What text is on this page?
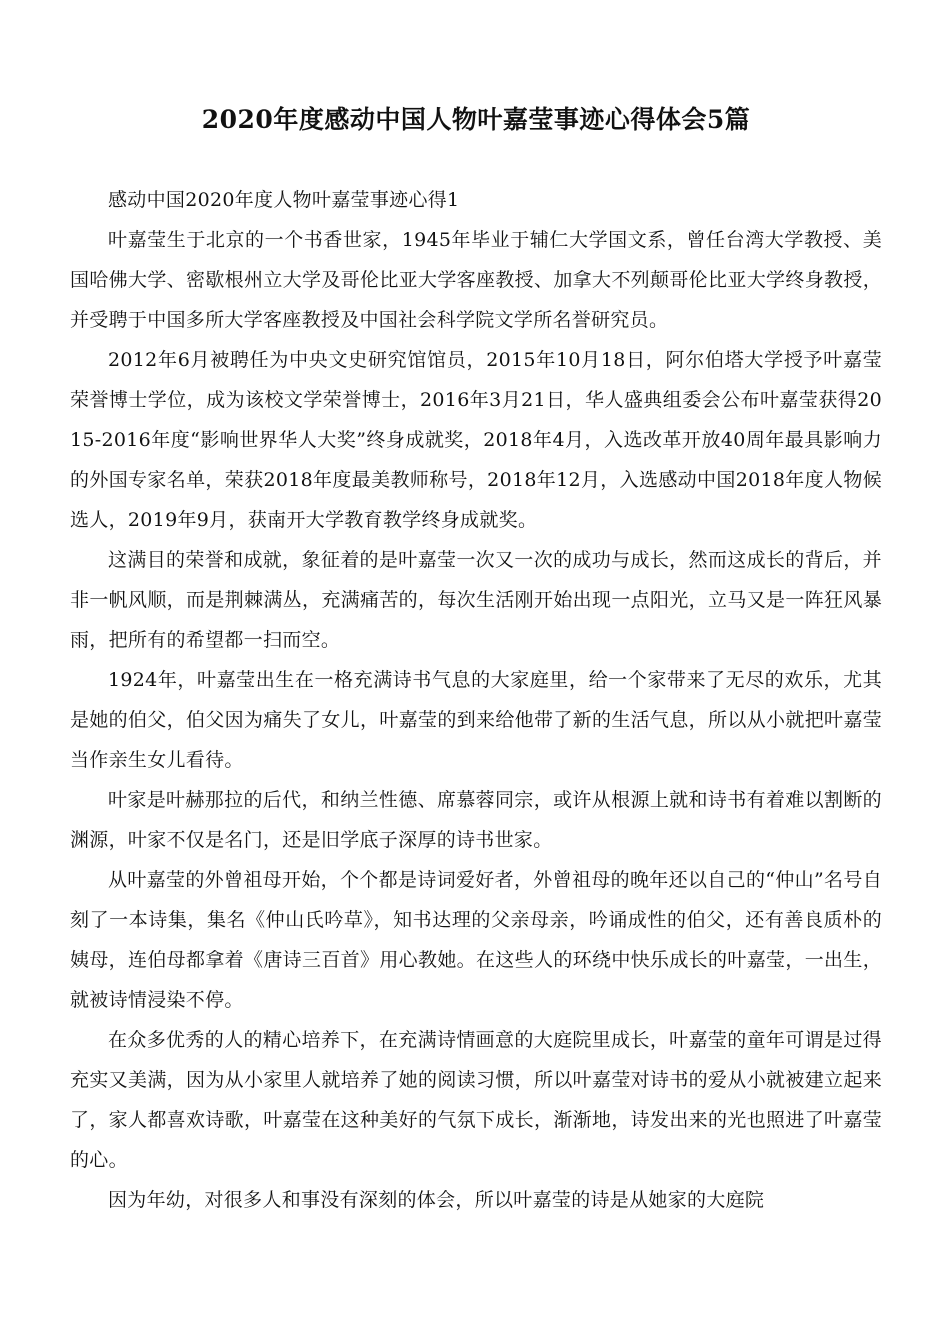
2020年度感动中国人物叶嘉莹事迹心得体会5篇

感动中国2020年度人物叶嘉莹事迹心得1

叶嘉莹生于北京的一个书香世家，1945年毕业于辅仁大学国文系，曾任台湾大学教授、美国哈佛大学、密歇根州立大学及哥伦比亚大学客座教授、加拿大不列颠哥伦比亚大学终身教授，并受聘于中国多所大学客座教授及中国社会科学院文学所名誉研究员。

2012年6月被聘任为中央文史研究馆馆员，2015年10月18日，阿尔伯塔大学授予叶嘉莹荣誉博士学位，成为该校文学荣誉博士，2016年3月21日，华人盛典组委会公布叶嘉莹获得2015-2016年度“影响世界华人大奖”终身成就奖，2018年4月，入选改革开放40周年最具影响力的外国专家名单，荣获2018年度最美教师称号，2018年12月，入选感动中国2018年度人物候选人，2019年9月，获南开大学教育教学终身成就奖。

这满目的荣誉和成就，象征着的是叶嘉莹一次又一次的成功与成长，然而这成长的背后，并非一帆风顺，而是荆棘满丛，充满痛苦的，每次生活刚开始出现一点阳光，立马又是一阵狂风暴雨，把所有的希望都一扫而空。

1924年，叶嘉莹出生在一格充满诗书气息的大家庭里，给一个家带来了无尽的欢乐，尤其是她的伯父，伯父因为痛失了女儿，叶嘉莹的到来给他带了新的生活气息，所以从小就把叶嘉莹当作亲生女儿看待。

叶家是叶赫那拉的后代，和纳兰性德、席慕蓉同宗，或许从根源上就和诗书有着难以割断的渊源，叶家不仅是名门，还是旧学底子深厚的诗书世家。

从叶嘉莹的外曾祖母开始，个个都是诗词爱好者，外曾祖母的晚年还以自己的“仲山”名号自刻了一本诗集，集名《仲山氏吟草》，知书达理的父亲母亲，吟诵成性的伯父，还有善良质朴的姨母，连伯母都拿着《唐诗三百首》用心教她。在这些人的环绕中快乐成长的叶嘉莹，一出生，就被诗情浸染不停。

在众多优秀的人的精心培养下，在充满诗情画意的大庭院里成长，叶嘉莹的童年可谓是过得充实又美满，因为从小家里人就培养了她的阅读习惯，所以叶嘉莹对诗书的爱从小就被建立起来了，家人都喜欢诗歌，叶嘉莹在这种美好的气氛下成长，渐渐地，诗发出来的光也照进了叶嘉莹的心。

因为年幼，对很多人和事没有深刻的体会，所以叶嘉莹的诗是从她家的大庭院
